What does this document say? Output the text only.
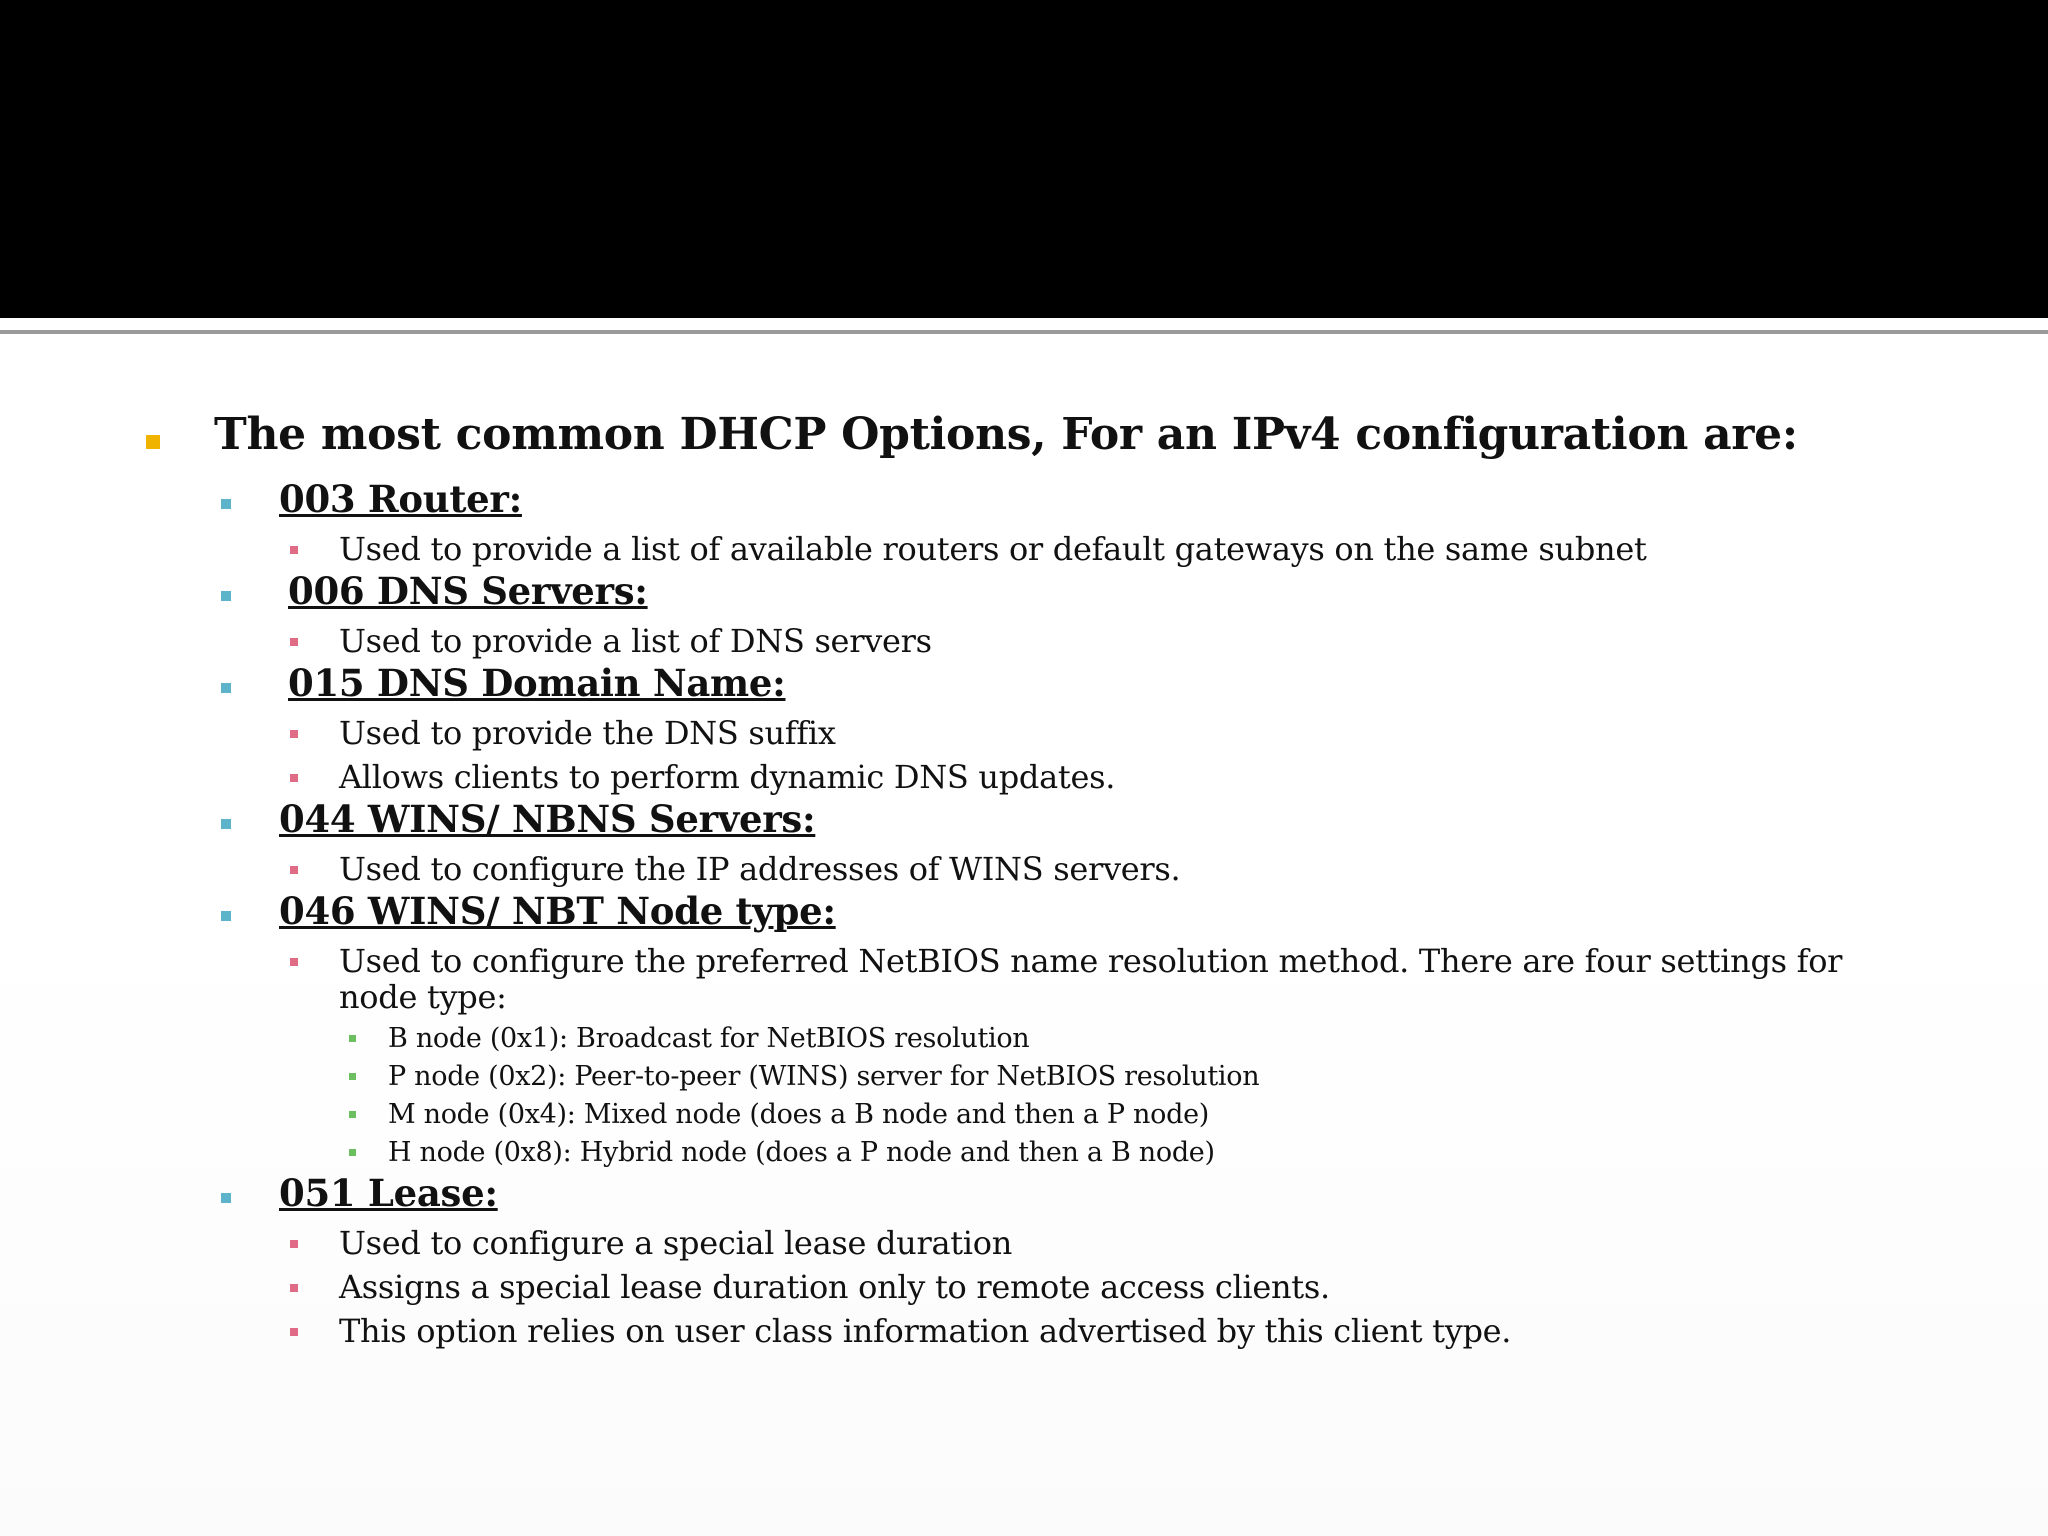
The most common DHCP Options, For an IPv4 configuration are:
003 Router:
Used to provide a list of available routers or default gateways on the same subnet
006 DNS Servers:
Used to provide a list of DNS servers
015 DNS Domain Name:
Used to provide the DNS suffix
Allows clients to perform dynamic DNS updates.
044 WINS/ NBNS Servers:
Used to configure the IP addresses of WINS servers.
046 WINS/ NBT Node type:
Used to configure the preferred NetBIOS name resolution method. There are four settings for node type:
B node (0x1): Broadcast for NetBIOS resolution
P node (0x2): Peer-to-peer (WINS) server for NetBIOS resolution
M node (0x4): Mixed node (does a B node and then a P node)
H node (0x8): Hybrid node (does a P node and then a B node)
051 Lease:
Used to configure a special lease duration
Assigns a special lease duration only to remote access clients.
This option relies on user class information advertised by this client type.
